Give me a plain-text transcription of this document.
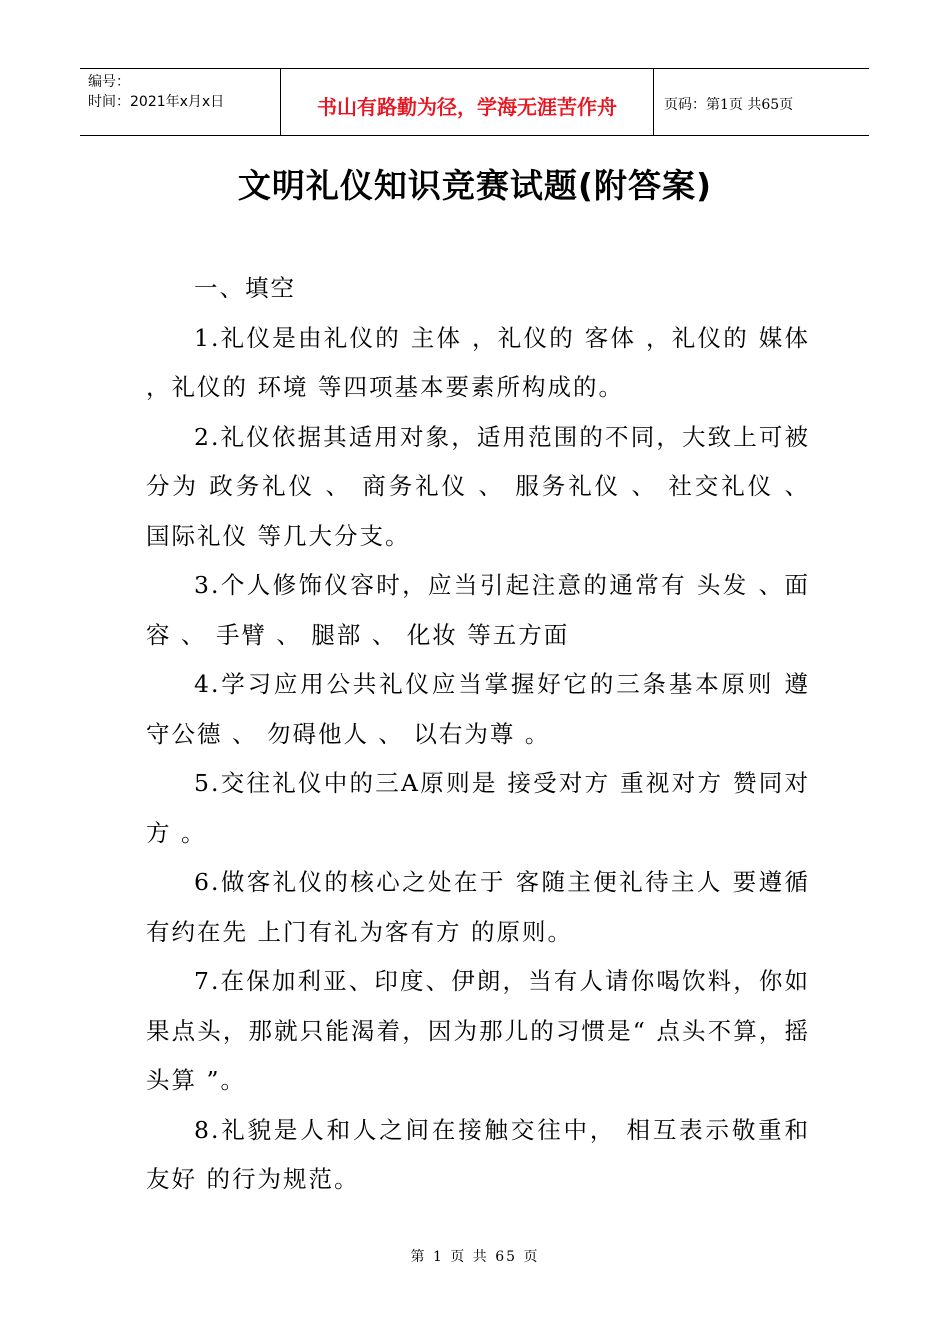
编号：
时间：2021年x月x日	书山有路勤为径，学海无涯苦作舟	页码：第1页 共65页
文明礼仪知识竞赛试题(附答案)

一、填空

1.礼仪是由礼仪的 主体 ，礼仪的 客体 ，礼仪的 媒体 ，礼仪的 环境 等四项基本要素所构成的。

2.礼仪依据其适用对象，适用范围的不同，大致上可被分为 政务礼仪 、 商务礼仪 、 服务礼仪 、 社交礼仪 、 国际礼仪 等几大分支。

3.个人修饰仪容时，应当引起注意的通常有 头发 、面容 、 手臂 、 腿部 、 化妆 等五方面

4.学习应用公共礼仪应当掌握好它的三条基本原则 遵守公德 、 勿碍他人 、 以右为尊 。

5.交往礼仪中的三A原则是 接受对方 重视对方 赞同对方 。

6.做客礼仪的核心之处在于 客随主便礼待主人 要遵循 有约在先 上门有礼为客有方 的原则。

7.在保加利亚、印度、伊朗，当有人请你喝饮料，你如果点头，那就只能渴着，因为那儿的习惯是“ 点头不算，摇头算 ”。

8.礼貌是人和人之间在接触交往中， 相互表示敬重和友好 的行为规范。

第 1 页 共 65 页
